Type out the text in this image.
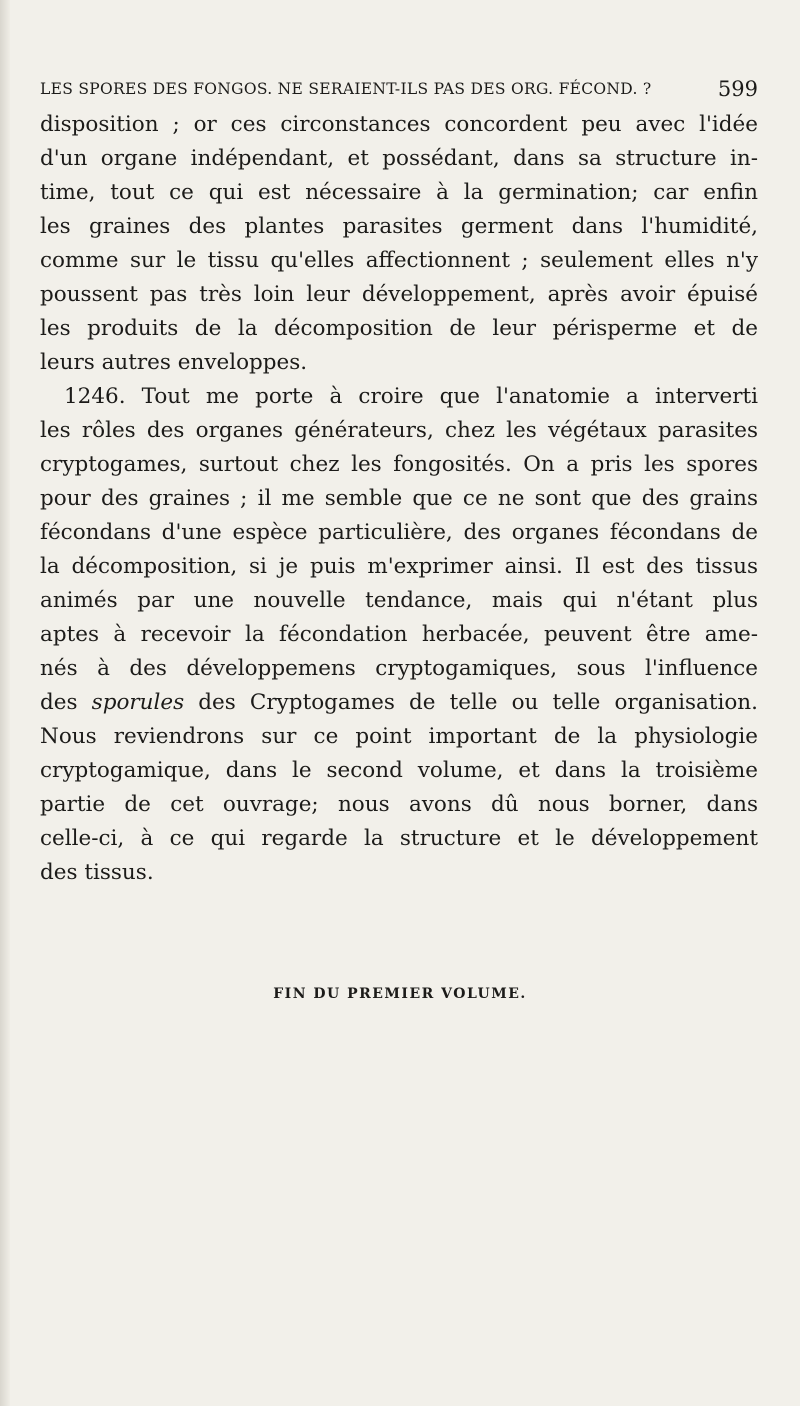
LES SPORES DES FONGOS. NE SERAIENT-ILS PAS DES ORG. FÉCOND. ?	599
disposition ; or ces circonstances concordent peu avec l'idée
d'un organe indépendant, et possédant, dans sa structure in-
time, tout ce qui est nécessaire à la germination; car enfin
les graines des plantes parasites germent dans l'humidité,
comme sur le tissu qu'elles affectionnent ; seulement elles n'y
poussent pas très loin leur développement, après avoir épuisé
les produits de la décomposition de leur périsperme et de
leurs autres enveloppes.
1246. Tout me porte à croire que l'anatomie a interverti
les rôles des organes générateurs, chez les végétaux parasites
cryptogames, surtout chez les fongosités. On a pris les spores
pour des graines ; il me semble que ce ne sont que des grains
fécondans d'une espèce particulière, des organes fécondans de
la décomposition, si je puis m'exprimer ainsi. Il est des tissus
animés par une nouvelle tendance, mais qui n'étant plus
aptes à recevoir la fécondation herbacée, peuvent être ame-
nés à des développemens cryptogamiques, sous l'influence
des sporules des Cryptogames de telle ou telle organisation.
Nous reviendrons sur ce point important de la physiologie
cryptogamique, dans le second volume, et dans la troisième
partie de cet ouvrage; nous avons dû nous borner, dans
celle-ci, à ce qui regarde la structure et le développement
des tissus.
FIN DU PREMIER VOLUME.
